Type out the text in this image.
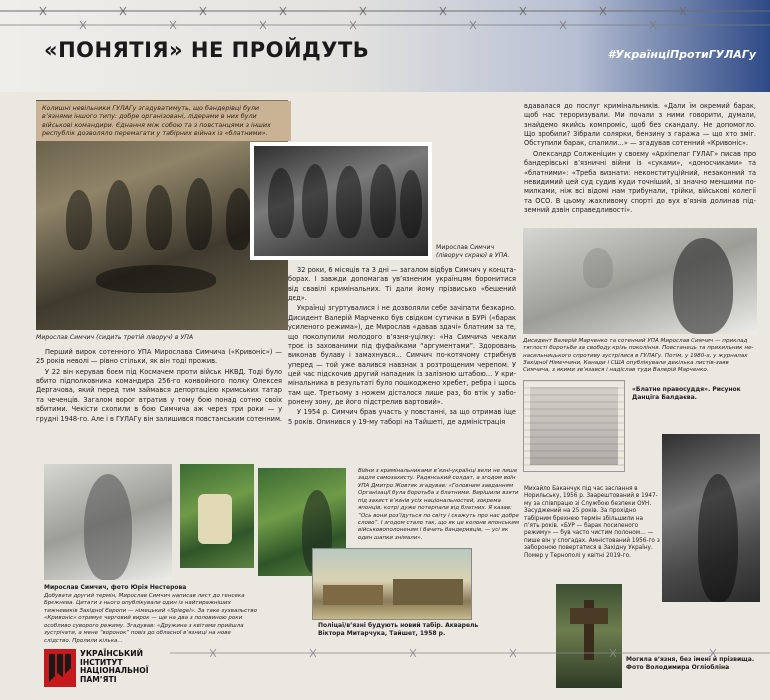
«ПОНЯТІЯ» НЕ ПРОЙДУТЬ	#УкраїнціПротиГУЛАГу
Колишні невільники ГУЛАГу згадуватимуть, що бандерівці були в’язнями іншого типу: добре організовані, лідерами в них були військові командири. Єднання між собою та з повстанцями з інших республік дозволяло перемагати у табірних війнах із «блатними».
Мирослав Симчич (сидить третій ліворуч) в УПА
Мирослав Симчич
(ліворуч скраю) в УПА.

Перший вирок сотенного УПА Мирослава Симчича («Кривоніс») — 25 років неволі — рівно стільки, як він тоді прожив.

У 22 він керував боєм під Космачем проти військ НКВД. Тоді було вбито підполковника командира 256-го конвойного полку Олексея Дергачова, який перед тим займався депортацією кримських татар та чеченців. Загалом ворог втратив у тому бою понад сотню своїх вбитими. Чекісти схопили в бою Симчича аж через три роки — у грудні 1948-го. Але і в ГУЛАГу він залишився повстанським сотенним.

32 роки, 6 місяців та 3 дні — загалом відбув Симчич у концтаборах. І завжди допомагав ув’язненим українцям боронитися від свавілі кримінальних. Ті дали йому прізвисько «бешений дєд».

Українці згуртувалися і не дозволяли себе зачіпати безкарно. Дисидент Валерій Марченко був свідком сутички в БУРі («барак усиленого режима»), де Мирослав «давав здачі» блатним за те, що поколупили молодого в’язня-уцілку: «На Симчича чекали троє із захованими під фуфайками “аргументами”. Здоровань виконав булаву і замахнувся… Симчич по-котячому стрибнув уперед — той уже валився навзнак з розтрощеним черепом. У цей час підскочив другий нападник із залізною штабою… У кримінальника в результаті було пошкоджено хребет, ребра і щось там ще. Третьому з ножем дісталося лише раз, бо втік у заборонену зону, де його підстрелив вартовий».

У 1954 р. Симчич брав участь у повстанні, за що отримав іще 5 років. Опинився у 19-му таборі на Тайшеті, де адміністрація

вдавалася до послуг кримінальників. «Дали їм окремий барак, щоб нас тероризували. Ми почали з ними говорити, думали, знайдемо якийсь компроміс, щоб без скандалу. Не допомогло. Що зробили? Зібрали солярки, бензину з гаража — що хто зміг. Обступили барак, спалили…» — згадував сотенний «Кривоніс».

Олександр Солженіцин у своєму «Архіпелаг ГУЛАГ» писав про бандерівські в’язничні війни із «суками», «доносчиками» та «блатними»: «Треба визнати: неконституційний, незаконний та невидимий цей суд судив куди точніший, зі значно меншими помилками, ніж всі відомі нам трибунали, трійки, військові колегії та ОСО. В цьому жахливому спорті до вух в’язнів долинав підземний дзвін справедливості».

Дисидент Валерій Марченко та сотенний УПА Мирослав Симчич — приклад тяглості боротьби за свободу крізь покоління. Повстанець та прихильник ненасильницького спротиву зустрілися в ГУЛАГу. Потім, у 1980-х, у журналах Західної Німеччини, Канади і США опублікували декілька листів-заяв Симчича, з якими зв’язався і надіслав туди Валерій Марченко.
«Блатне правосуддя». Рисунок Данціга Балдаєва.
Михайло Баканчук під час заслання в Норильську, 1956 р. Заарештований в 1947-му за співпрацю зі Службою безпеки ОУН. Засуджений на 25 років. За прохідно табірним брехнею термін збільшили на п’ять років. «БУР — барак посиленого режиму» — був часто чистим полоном… — пише він у спогадах. Амністований 1956-го з забороною повертатися в Західну Україну. Помер у Тернополі у квітні 2019-го.
Могила в’язня, без імені й прізвища. Фото Володимира Огліобліна
Мирослав Симчич, фото Юрія Нестерова
Добувати другий термін, Мирослав Симчич написав лист до генсека Брєжнєва. Цитати з нього опублікували один із найтиражніших тижневиків Західної Європи — німецький «Spiegel». За таке зухвальство «Кривоніс» отримує черговий вирок — ще на два з половиною роки особливо суворого режиму. Згадував: «Дружина з квітами прийшла зустрічати, а мене “воронок” повіз до обласної в’язниці на нове слідство. Пролили кілька…
Війни з кримінальниками в’язні-українці вели не лише задля самозахисту. Радянський солдат, а згодом воїн УПА Дмитро Жовтяк згадував: «Головним завданням Організації була боротьба з блатними. Вирішили взяти під захист в’язнів усіх національностей, зокрема японців, котрі дуже потерпали від блатних. Я казав: “Ось вони роз’їдуться по світу і скажуть про нас добре слово”. І згодом стало так, що як це колонв японським військовополоненим і бачить бандеривців, — усі як один шапки знімали».
Поліцаї/в’язні будують новий табір. Акварель Віктора Митарчука, Тайшет, 1958 р.
УКРАЇНСЬКИЙ
ІНСТИТУТ
НАЦІОНАЛЬНОЇ
ПАМ’ЯТІ
